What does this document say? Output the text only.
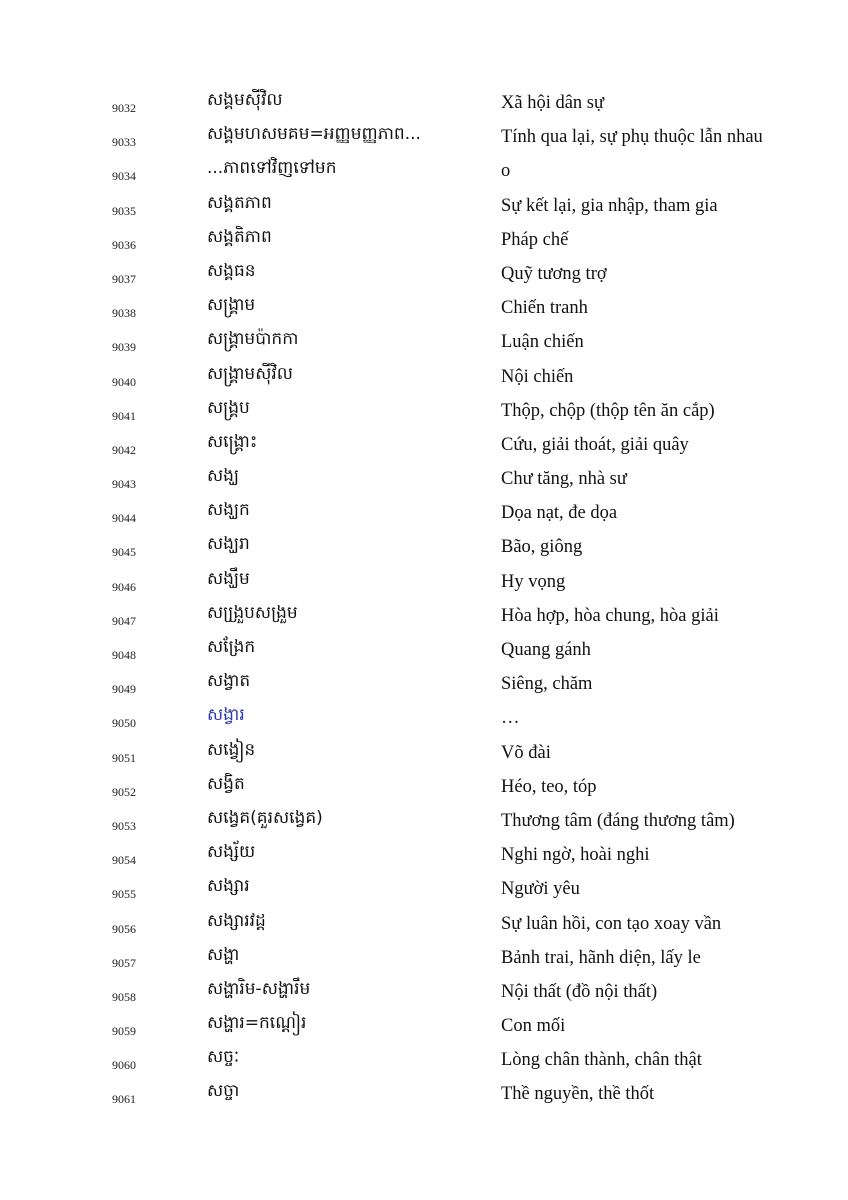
9032	សង្គមស៊ីវិល	Xã hội dân sự
9033	សង្គមហសមគម=អញ្ញមញ្ញភាព...	Tính qua lại, sự phụ thuộc lẫn nhau
9034	...ភាពទៅវិញទៅមក	o
9035	សង្គតភាព	Sự kết lại, gia nhập, tham gia
9036	សង្គតិភាព	Pháp chế
9037	សង្គធន	Quỹ tương trợ
9038	សង្គ្រាម	Chiến tranh
9039	សង្គ្រាមប៉ាកកា	Luận chiến
9040	សង្គ្រាមស៊ីវិល	Nội chiến
9041	សង្គ្រប	Thộp, chộp (thộp tên ăn cắp)
9042	សង្គ្រោះ	Cứu, giải thoát, giải quây
9043	សង្ឃ	Chư tăng, nhà sư
9044	សង្ឃក	Dọa nạt, đe dọa
9045	សង្ឃរា	Bão, giông
9046	សង្ឃឹម	Hy vọng
9047	សង្រ្រួបសង្រួម	Hòa hợp, hòa chung, hòa giải
9048	សង្រែក	Quang gánh
9049	សង្វាត	Siêng, chăm
9050	សង្វារ	…
9051	សង្វៀន	Võ đài
9052	សង្វិត	Héo, teo, tóp
9053	សង្វេគ(គួរសង្វេគ)	Thương tâm (đáng thương tâm)
9054	សង្ស័យ	Nghi ngờ, hoài nghi
9055	សង្សារ	Người yêu
9056	សង្សារវដ្ដ	Sự luân hồi, con tạo xoay vần
9057	សង្ហា	Bảnh trai, hãnh diện, lấy le
9058	សង្ហារិម-សង្ហារឹម	Nội thất (đồ nội thất)
9059	សង្ហារ=កណ្ដៀរ	Con mối
9060	សច្ចៈ	Lòng chân thành, chân thật
9061	សច្ចា	Thề nguyền, thề thốt
